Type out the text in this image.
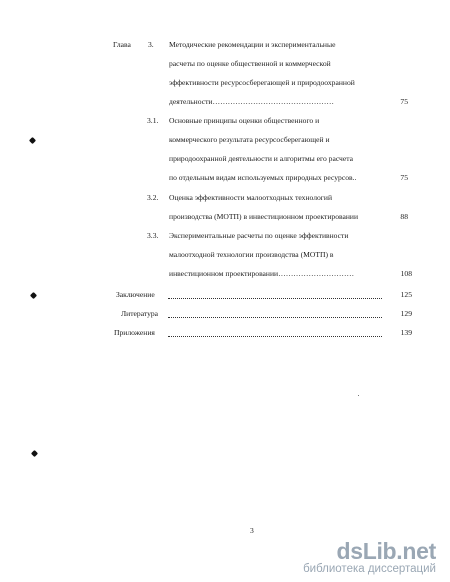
Глава 3. Методические рекомендации и экспериментальные
расчеты по оценке общественной и коммерческой
эффективности ресурсосберегающей и природоохранной
деятельности…………………………………………	75
3.1. Основные принципы оценки общественного и
коммерческого результата ресурсосберегающей и
природоохранной деятельности и алгоритмы его расчета
по отдельным видам используемых природных ресурсов..	75
3.2. Оценка эффективности малоотходных технологий
производства (МОТП) в инвестиционном проектировании	88
3.3. Экспериментальные расчеты по оценке эффективности
малоотходной технологии производства (МОТП) в
инвестиционном проектировании…………………………	108
Заключение	125
Литература	129
Приложения	139
3
dsLib.net
библиотека диссертаций
